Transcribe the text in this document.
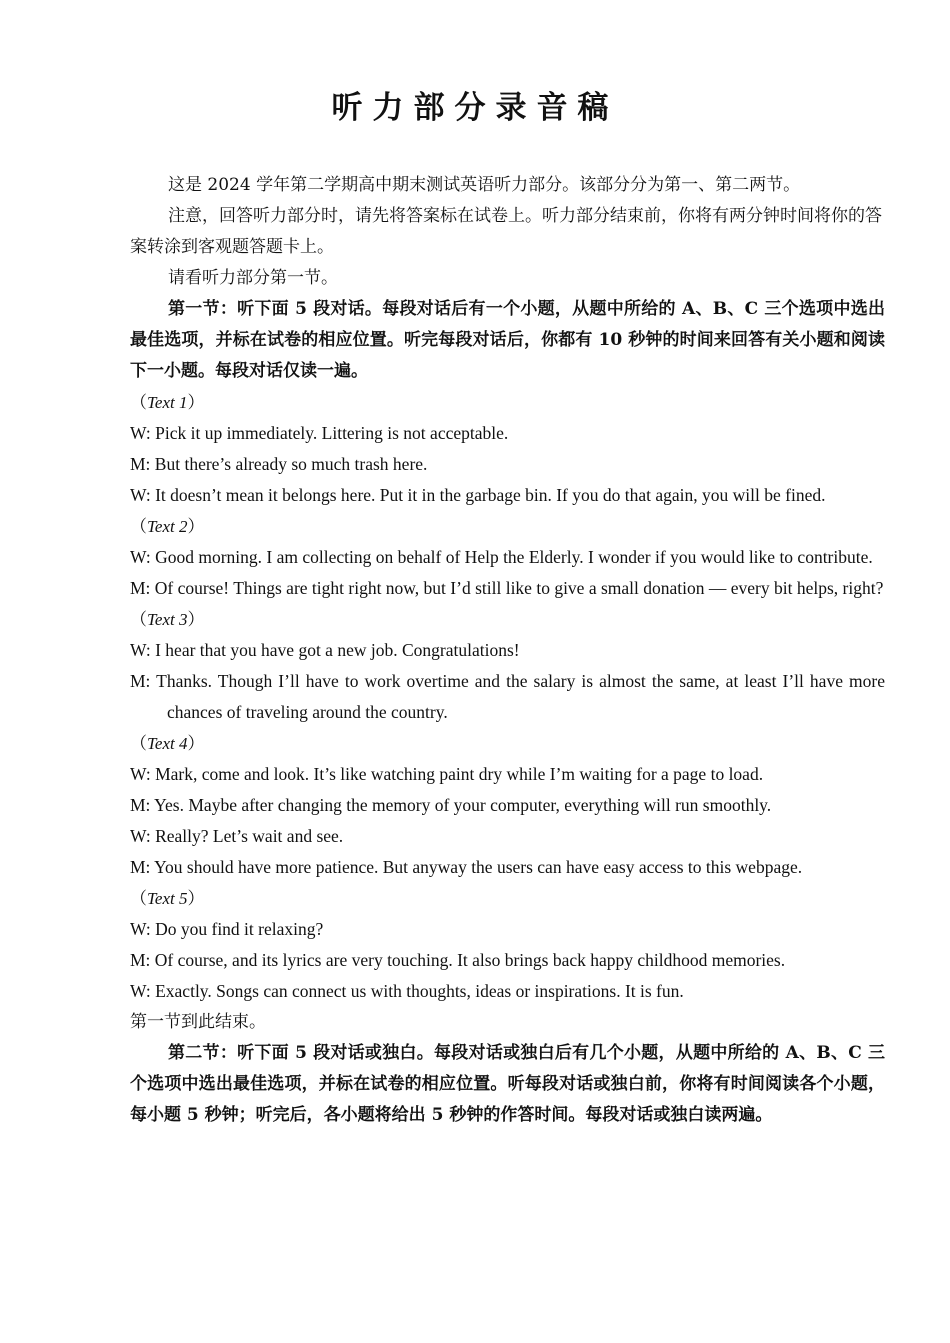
听力部分录音稿

这是 2024 学年第二学期高中期末测试英语听力部分。该部分分为第一、第二两节。

注意，回答听力部分时，请先将答案标在试卷上。听力部分结束前，你将有两分钟时间将你的答案转涂到客观题答题卡上。

请看听力部分第一节。

第一节：听下面 5 段对话。每段对话后有一个小题，从题中所给的 A、B、C 三个选项中选出最佳选项，并标在试卷的相应位置。听完每段对话后，你都有 10 秒钟的时间来回答有关小题和阅读下一小题。每段对话仅读一遍。

（Text 1）

W: Pick it up immediately. Littering is not acceptable.

M: But there’s already so much trash here.

W: It doesn’t mean it belongs here. Put it in the garbage bin. If you do that again, you will be fined.

（Text 2）

W: Good morning. I am collecting on behalf of Help the Elderly. I wonder if you would like to contribute.

M: Of course! Things are tight right now, but I’d still like to give a small donation — every bit helps, right?

（Text 3）

W: I hear that you have got a new job. Congratulations!

M: Thanks. Though I’ll have to work overtime and the salary is almost the same, at least I’ll have more chances of traveling around the country.

（Text 4）

W: Mark, come and look. It’s like watching paint dry while I’m waiting for a page to load.

M: Yes. Maybe after changing the memory of your computer, everything will run smoothly.

W: Really? Let’s wait and see.

M: You should have more patience. But anyway the users can have easy access to this webpage.

（Text 5）

W: Do you find it relaxing?

M: Of course, and its lyrics are very touching. It also brings back happy childhood memories.

W: Exactly. Songs can connect us with thoughts, ideas or inspirations. It is fun.

第一节到此结束。

第二节：听下面 5 段对话或独白。每段对话或独白后有几个小题，从题中所给的 A、B、C 三个选项中选出最佳选项，并标在试卷的相应位置。听每段对话或独白前，你将有时间阅读各个小题，每小题 5 秒钟；听完后，各小题将给出 5 秒钟的作答时间。每段对话或独白读两遍。
